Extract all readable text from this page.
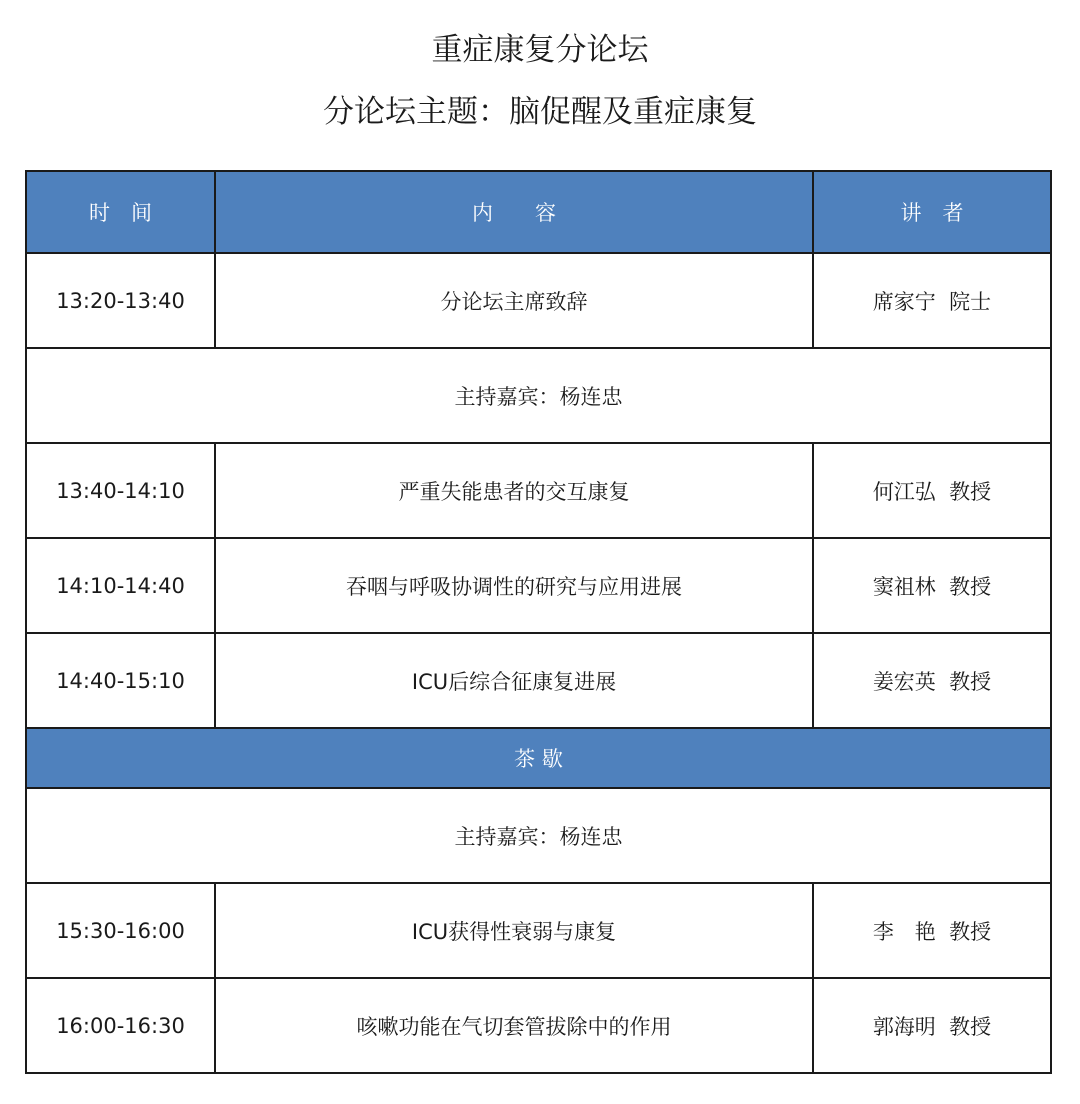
重症康复分论坛
分论坛主题：脑促醒及重症康复
时　间	内　　容	讲　者
13:20-13:40	分论坛主席致辞	席家宁  院士
主持嘉宾：杨连忠		
13:40-14:10	严重失能患者的交互康复	何江弘  教授
14:10-14:40	吞咽与呼吸协调性的研究与应用进展	窦祖林  教授
14:40-15:10	ICU后综合征康复进展	姜宏英  教授
茶 歇		
主持嘉宾：杨连忠		
15:30-16:00	ICU获得性衰弱与康复	李　艳  教授
16:00-16:30	咳嗽功能在气切套管拔除中的作用	郭海明  教授
